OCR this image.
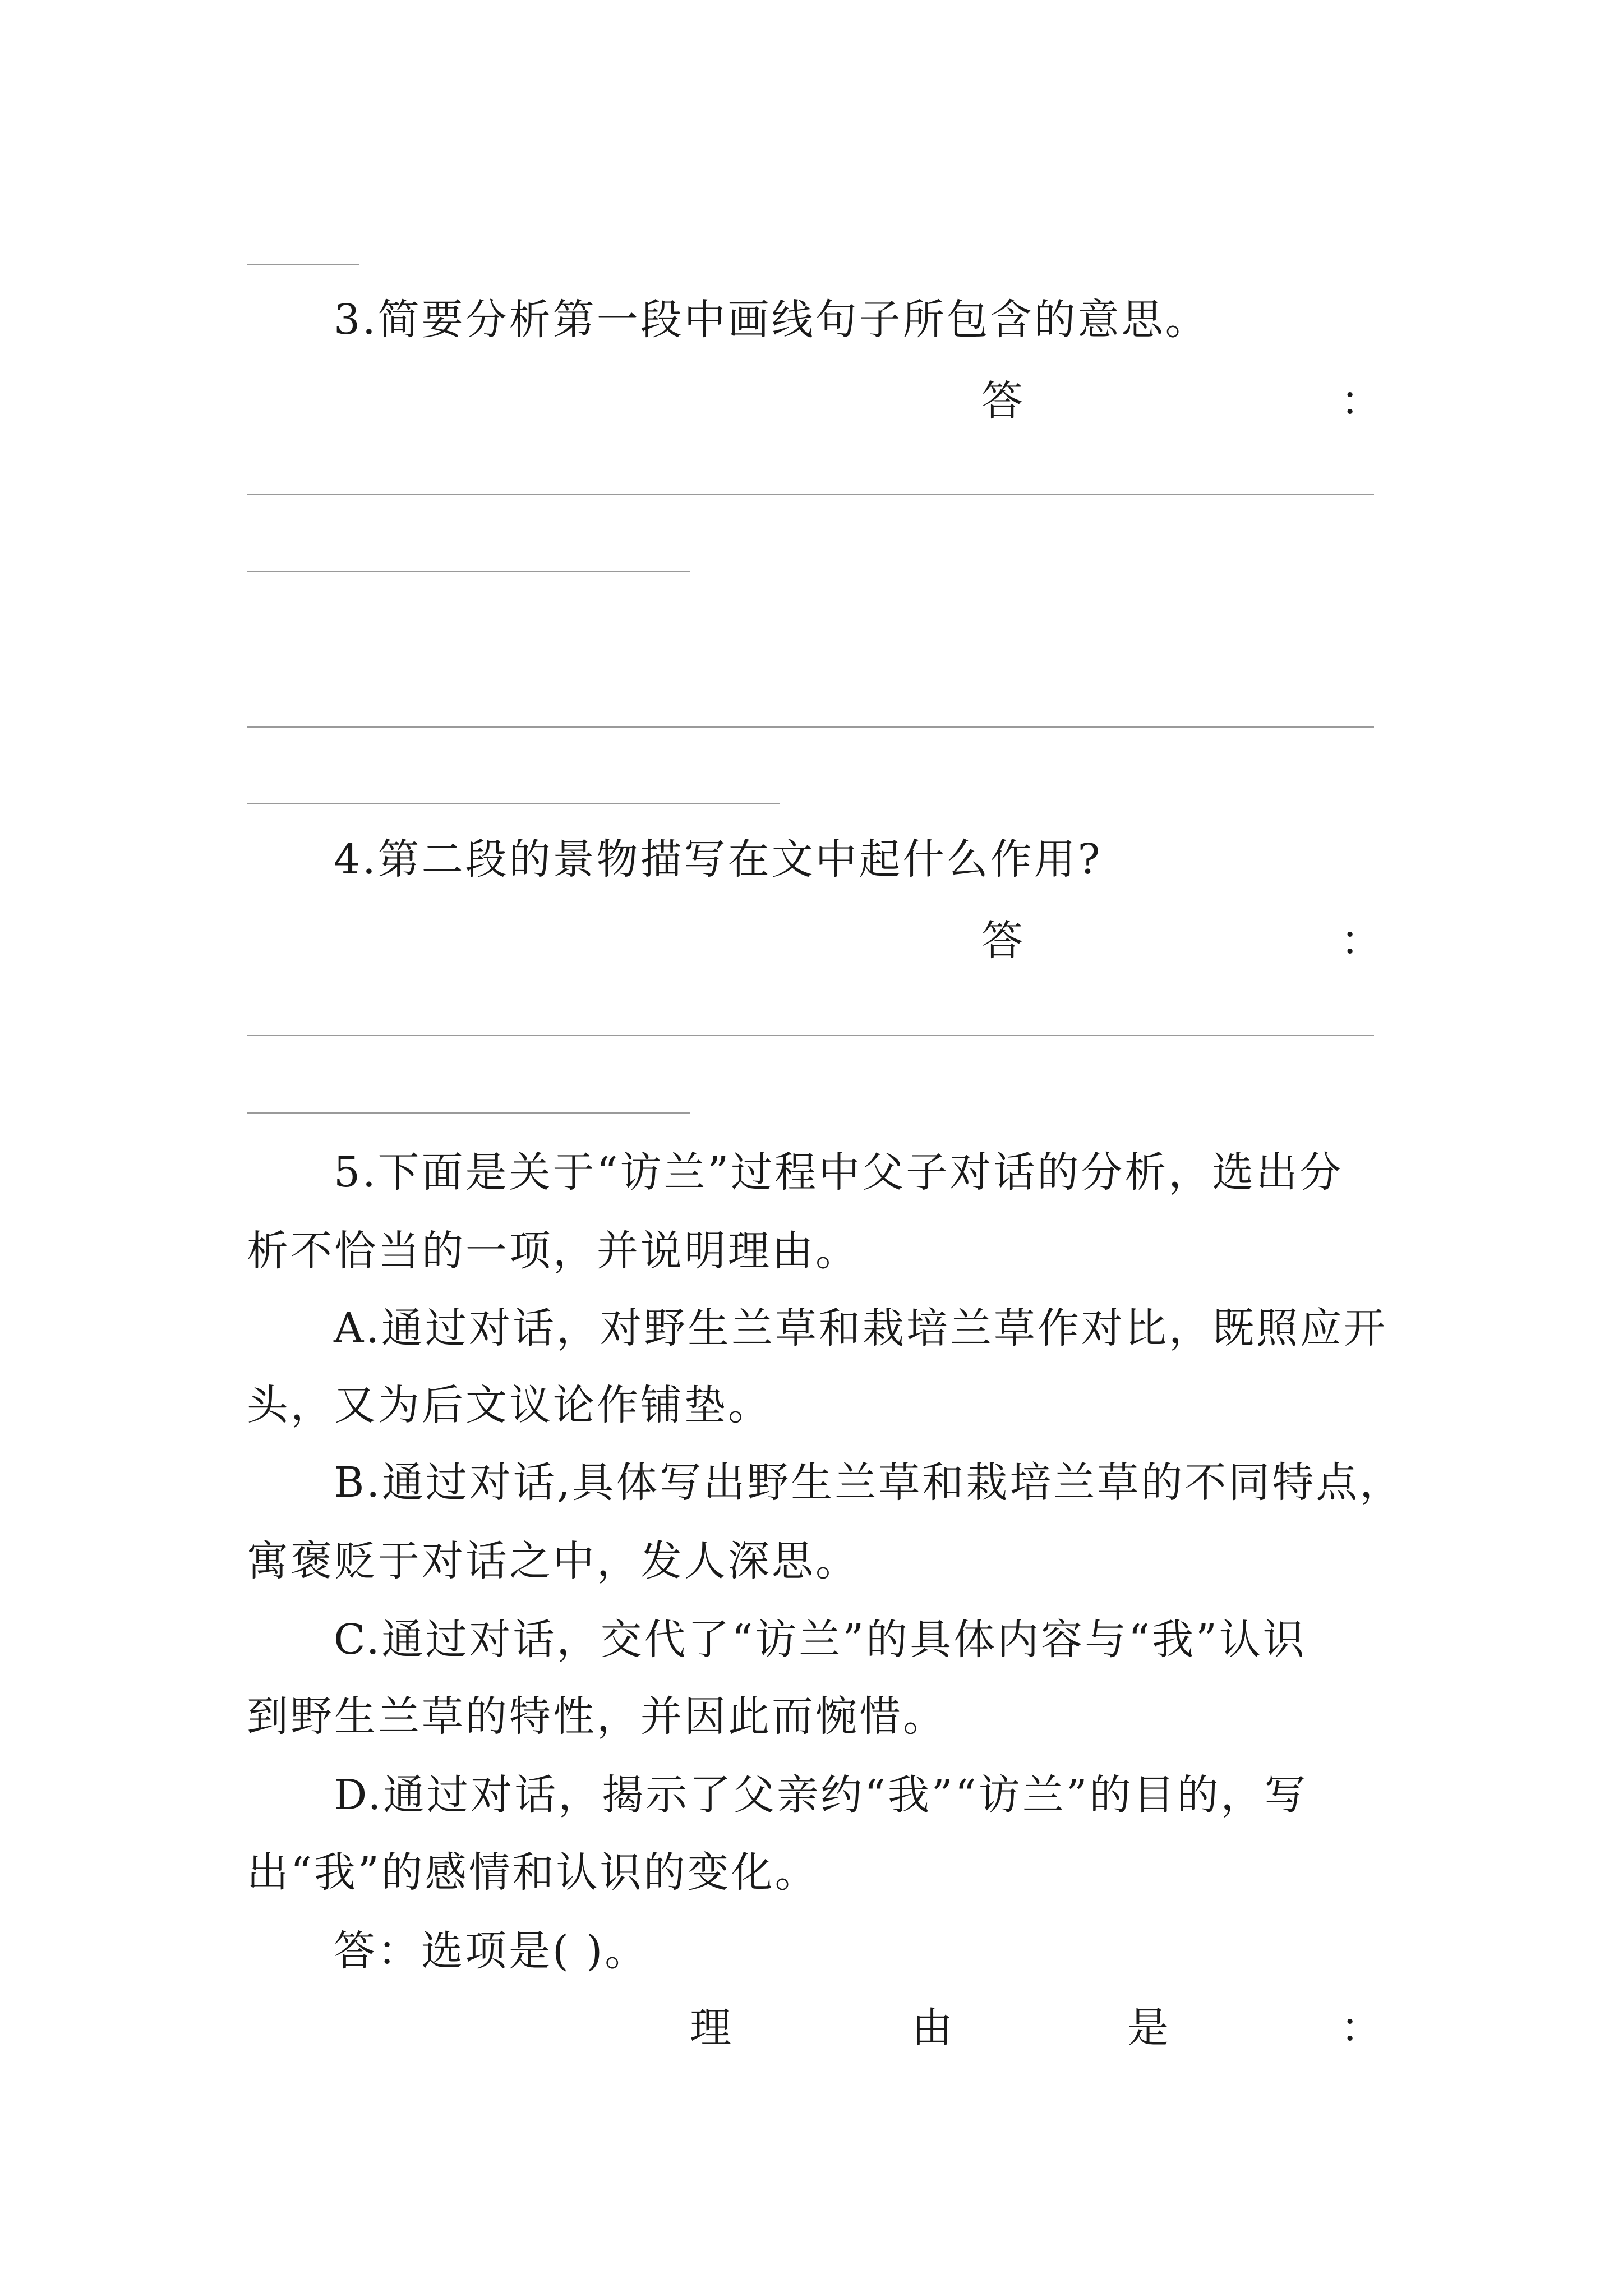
3.简要分析第一段中画线句子所包含的意思。
答	：
4.第二段的景物描写在文中起什么作用?
答	：
5.下面是关于“访兰”过程中父子对话的分析，选出分
析不恰当的一项，并说明理由。
A.通过对话，对野生兰草和栽培兰草作对比，既照应开
头，又为后文议论作铺垫。
B.通过对话,具体写出野生兰草和栽培兰草的不同特点，
寓褒贬于对话之中，发人深思。
C.通过对话，交代了“访兰”的具体内容与“我”认识
到野生兰草的特性，并因此而惋惜。
D.通过对话，揭示了父亲约“我”“访兰”的目的，写
出“我”的感情和认识的变化。
答：选项是( )。
理	由	是	：
